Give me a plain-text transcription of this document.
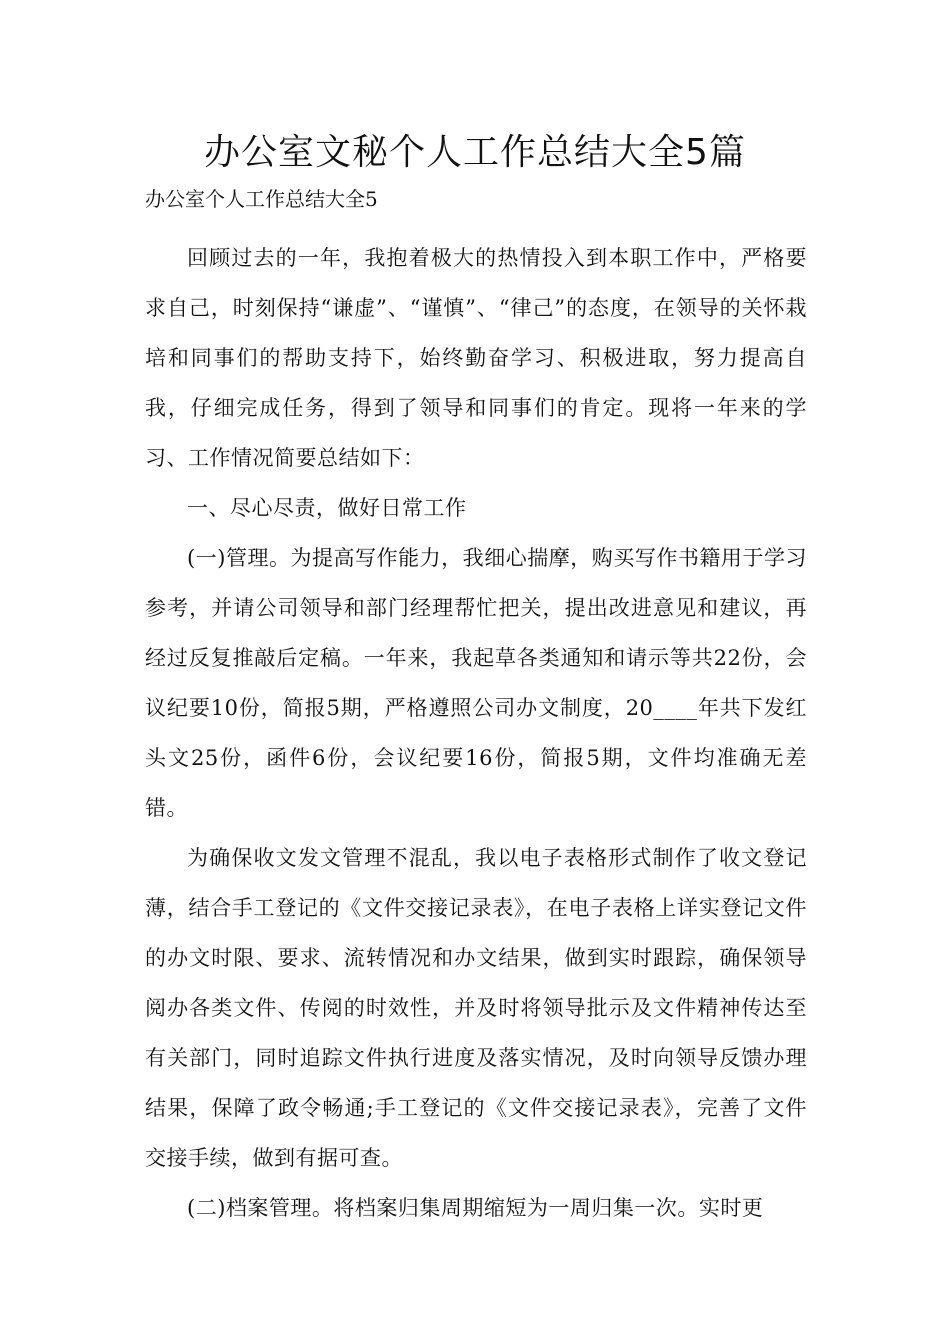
办公室文秘个人工作总结大全5篇
办公室个人工作总结大全5

回顾过去的一年，我抱着极大的热情投入到本职工作中，严格要求自己，时刻保持“谦虚”、“谨慎”、“律己”的态度，在领导的关怀栽培和同事们的帮助支持下，始终勤奋学习、积极进取，努力提高自我，仔细完成任务，得到了领导和同事们的肯定。现将一年来的学习、工作情况简要总结如下：

一、尽心尽责，做好日常工作

(一)管理。为提高写作能力，我细心揣摩，购买写作书籍用于学习参考，并请公司领导和部门经理帮忙把关，提出改进意见和建议，再经过反复推敲后定稿。一年来，我起草各类通知和请示等共22份，会议纪要10份，简报5期，严格遵照公司办文制度，20____年共下发红头文25份，函件6份，会议纪要16份，简报5期，文件均准确无差错。

为确保收文发文管理不混乱，我以电子表格形式制作了收文登记薄，结合手工登记的《文件交接记录表》，在电子表格上详实登记文件的办文时限、要求、流转情况和办文结果，做到实时跟踪，确保领导阅办各类文件、传阅的时效性，并及时将领导批示及文件精神传达至有关部门，同时追踪文件执行进度及落实情况，及时向领导反馈办理结果，保障了政令畅通;手工登记的《文件交接记录表》，完善了文件交接手续，做到有据可查。

(二)档案管理。将档案归集周期缩短为一周归集一次。实时更
